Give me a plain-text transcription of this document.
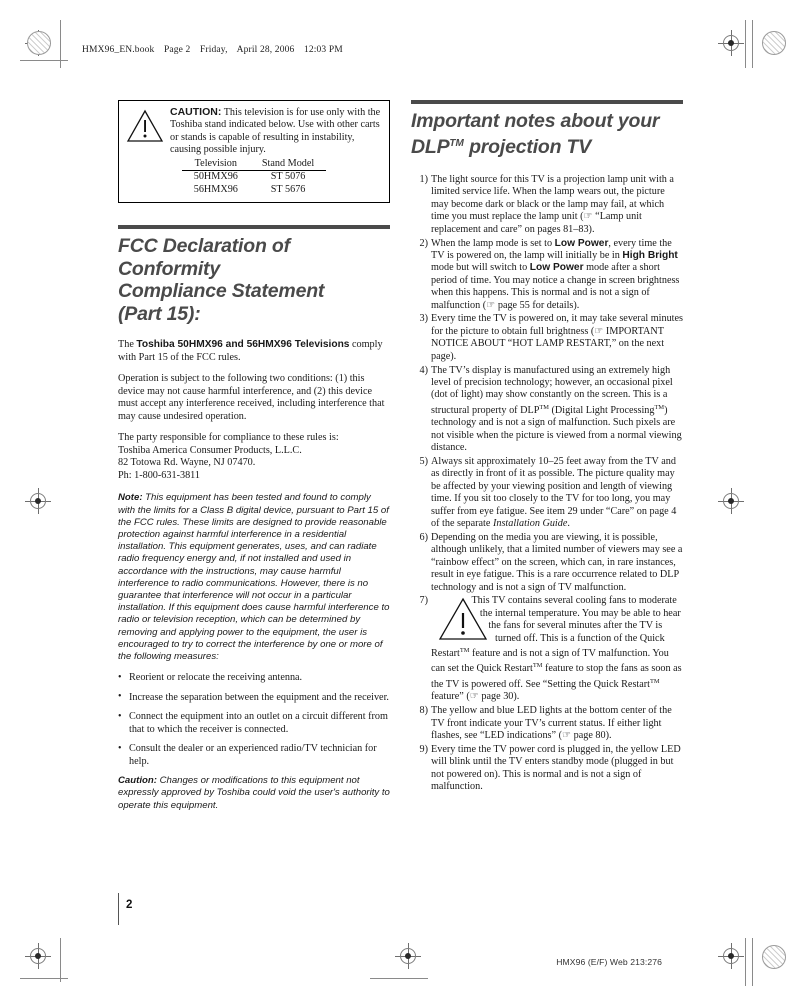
HMX96_EN.book Page 2 Friday, April 28, 2006 12:03 PM
CAUTION: This television is for use only with the Toshiba stand indicated below. Use with other carts or stands is capable of resulting in instability, causing possible injury.
Television	Stand Model
50HMX96	ST 5076
56HMX96	ST 5676
FCC Declaration of Conformity
Compliance Statement
(Part 15):
The Toshiba 50HMX96 and 56HMX96 Televisions comply with Part 15 of the FCC rules.
Operation is subject to the following two conditions: (1) this device may not cause harmful interference, and (2) this device must accept any interference received, including interference that may cause undesired operation.
The party responsible for compliance to these rules is:
Toshiba America Consumer Products, L.L.C.
82 Totowa Rd. Wayne, NJ 07470.
Ph: 1-800-631-3811
Note: This equipment has been tested and found to comply with the limits for a Class B digital device, pursuant to Part 15 of the FCC rules. These limits are designed to provide reasonable protection against harmful interference in a residential installation. This equipment generates, uses, and can radiate radio frequency energy and, if not installed and used in accordance with the instructions, may cause harmful interference to radio communications. However, there is no guarantee that interference will not occur in a particular installation. If this equipment does cause harmful interference to radio or television reception, which can be determined by removing and applying power to the equipment, the user is encouraged to try to correct the interference by one or more of the following measures:
• Reorient or relocate the receiving antenna.
• Increase the separation between the equipment and the receiver.
• Connect the equipment into an outlet on a circuit different from that to which the receiver is connected.
• Consult the dealer or an experienced radio/TV technician for help.
Caution: Changes or modifications to this equipment not expressly approved by Toshiba could void the user's authority to operate this equipment.
Important notes about your
DLP™ projection TV
1) The light source for this TV is a projection lamp unit with a limited service life. When the lamp wears out, the picture may become dark or black or the lamp may fail, at which time you must replace the lamp unit (☞ “Lamp unit replacement and care” on pages 81–83).
2) When the lamp mode is set to Low Power, every time the TV is powered on, the lamp will initially be in High Bright mode but will switch to Low Power mode after a short period of time. You may notice a change in screen brightness when this happens. This is normal and is not a sign of malfunction (☞ page 55 for details).
3) Every time the TV is powered on, it may take several minutes for the picture to obtain full brightness (☞ IMPORTANT NOTICE ABOUT “HOT LAMP RESTART,” on the next page).
4) The TV’s display is manufactured using an extremely high level of precision technology; however, an occasional pixel (dot of light) may show constantly on the screen. This is a structural property of DLP™ (Digital Light Processing™) technology and is not a sign of malfunction. Such pixels are not visible when the picture is viewed from a normal viewing distance.
5) Always sit approximately 10–25 feet away from the TV and as directly in front of it as possible. The picture quality may be affected by your viewing position and length of viewing time. If you sit too closely to the TV for too long, you may suffer from eye fatigue. See item 29 under “Care” on page 4 of the separate Installation Guide.
6) Depending on the media you are viewing, it is possible, although unlikely, that a limited number of viewers may see a “rainbow effect” on the screen, which can, in rare instances, result in eye fatigue. This is a rare occurrence related to DLP technology and is not a sign of TV malfunction.
7)	This TV contains several cooling fans to moderate the internal temperature. You may be able to hear the fans for several minutes after the TV is turned off. This is a function of the Quick Restart™ feature and is not a sign of TV malfunction. You can set the Quick Restart™ feature to stop the fans as soon as the TV is powered off. See “Setting the Quick Restart™ feature” (☞ page 30).
8) The yellow and blue LED lights at the bottom center of the TV front indicate your TV’s current status. If either light flashes, see “LED indications” (☞ page 80).
9) Every time the TV power cord is plugged in, the yellow LED will blink until the TV enters standby mode (plugged in but not powered on). This is normal and is not a sign of malfunction.
2
HMX96 (E/F) Web 213:276
